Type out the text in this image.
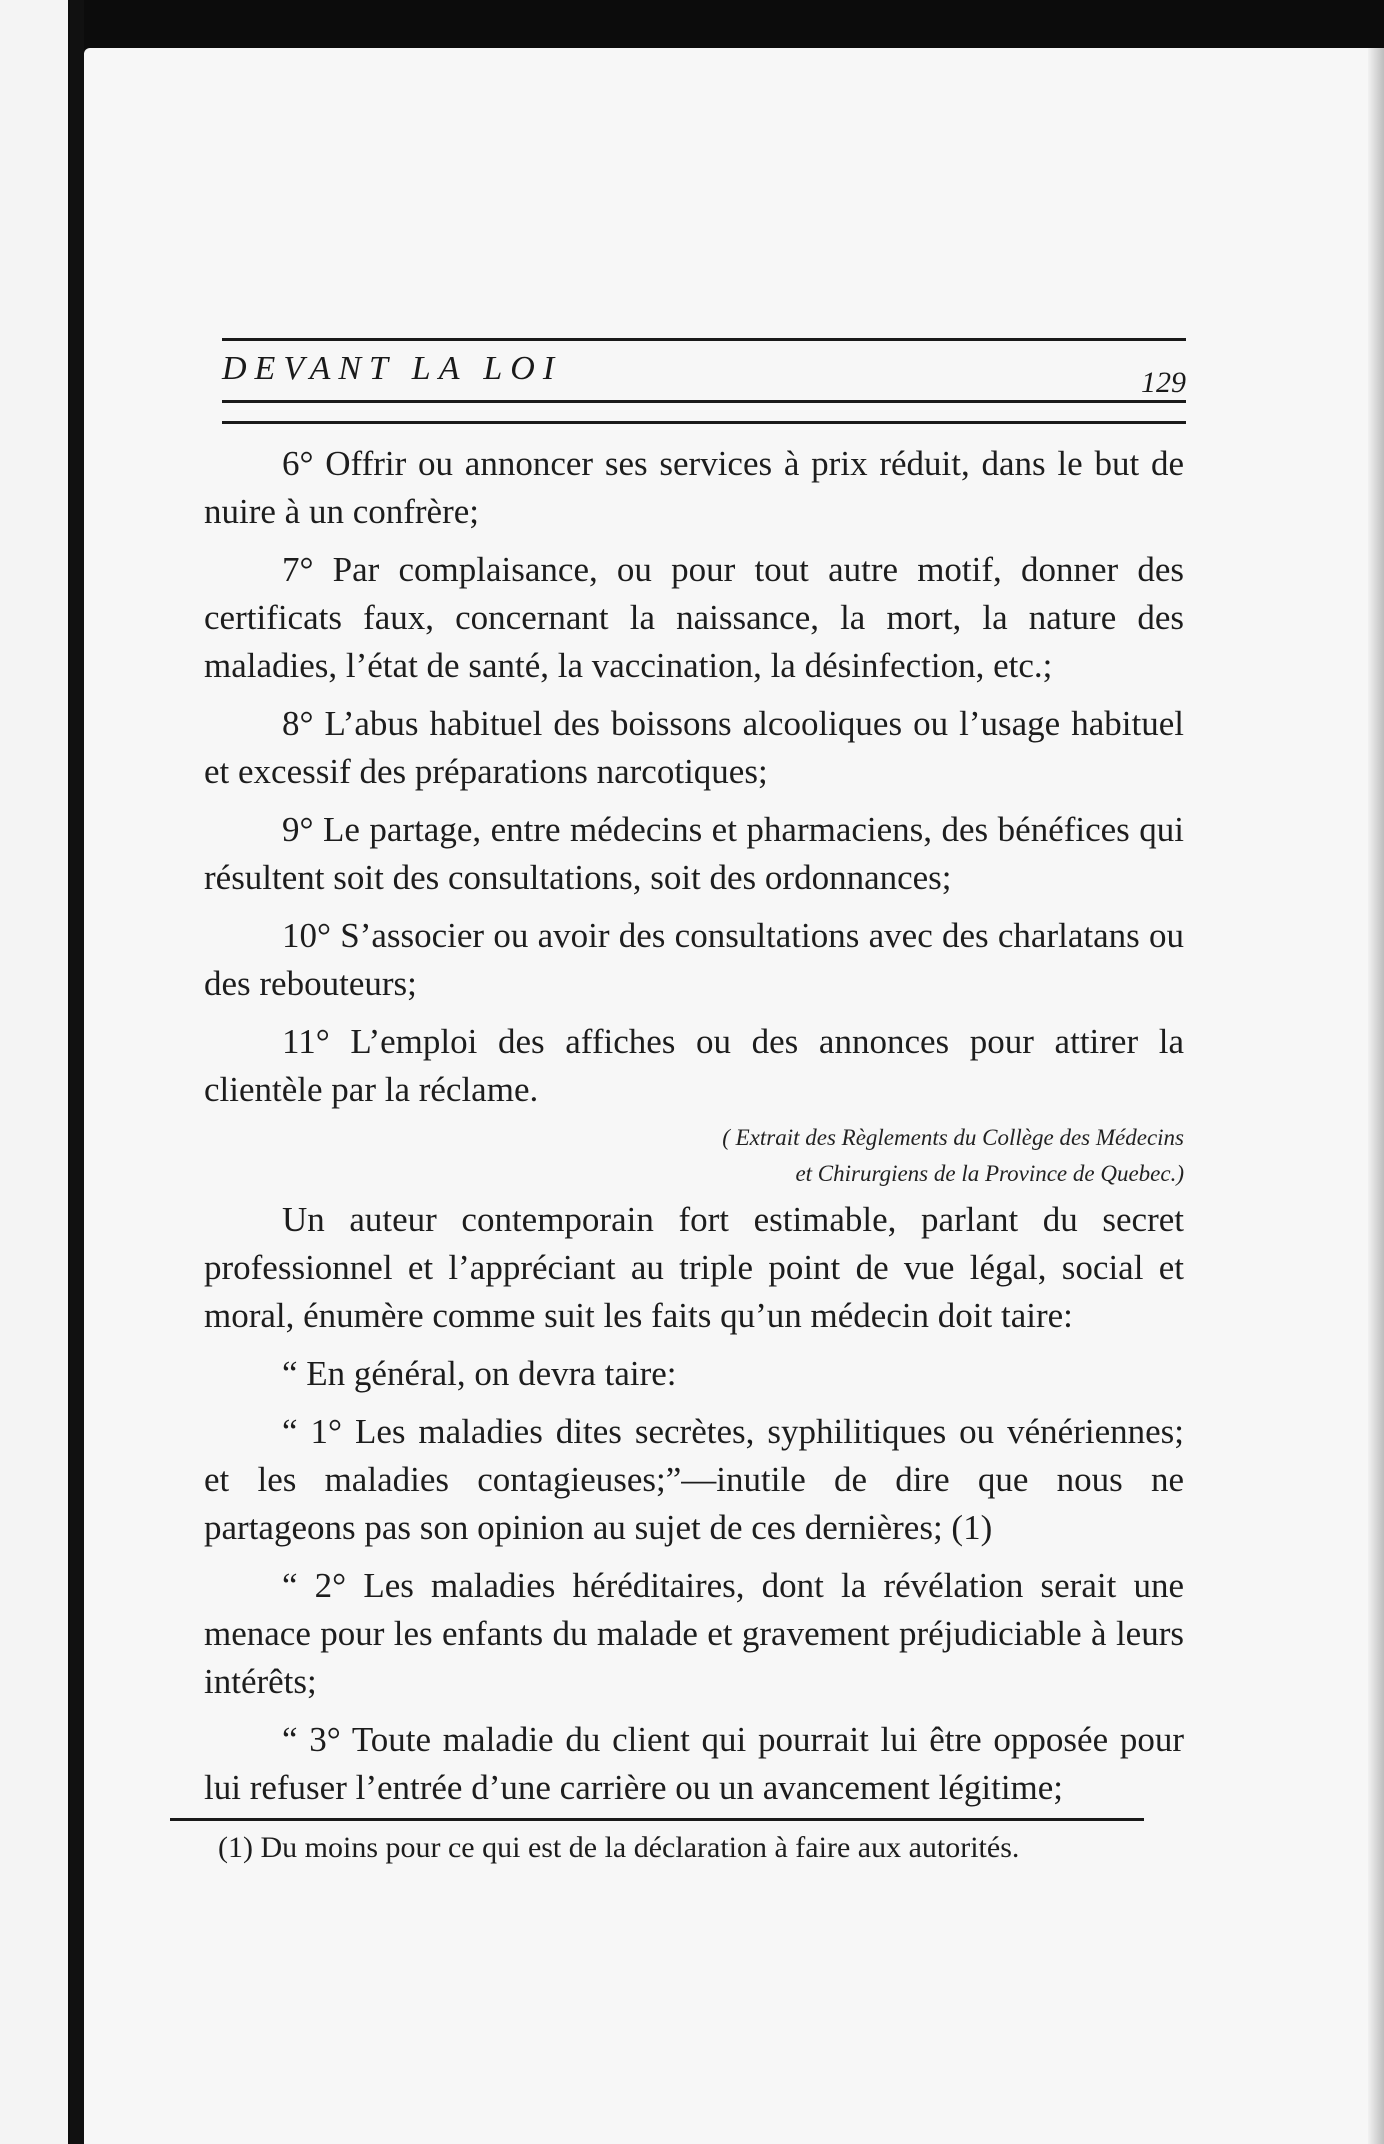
DEVANT LA LOI	129

6° Offrir ou annoncer ses services à prix réduit, dans le but de nuire à un confrère;

7° Par complaisance, ou pour tout autre motif, donner des certificats faux, concernant la naissance, la mort, la nature des maladies, l’état de santé, la vaccination, la désinfection, etc.;

8° L’abus habituel des boissons alcooliques ou l’usage habituel et excessif des préparations narcotiques;

9° Le partage, entre médecins et pharmaciens, des bénéfices qui résultent soit des consultations, soit des ordonnances;

10° S’associer ou avoir des consultations avec des charlatans ou des rebouteurs;

11° L’emploi des affiches ou des annonces pour attirer la clientèle par la réclame.

( Extrait des Règlements du Collège des Médecins
et Chirurgiens de la Province de Quebec.)

Un auteur contemporain fort estimable, parlant du secret professionnel et l’appréciant au triple point de vue légal, social et moral, énumère comme suit les faits qu’un médecin doit taire:

“ En général, on devra taire:

“ 1° Les maladies dites secrètes, syphilitiques ou vénériennes; et les maladies contagieuses;”—inutile de dire que nous ne partageons pas son opinion au sujet de ces dernières; (1)

“ 2° Les maladies héréditaires, dont la révélation serait une menace pour les enfants du malade et gravement préjudiciable à leurs intérêts;

“ 3° Toute maladie du client qui pourrait lui être opposée pour lui refuser l’entrée d’une carrière ou un avancement légitime;

(1) Du moins pour ce qui est de la déclaration à faire aux autorités.
